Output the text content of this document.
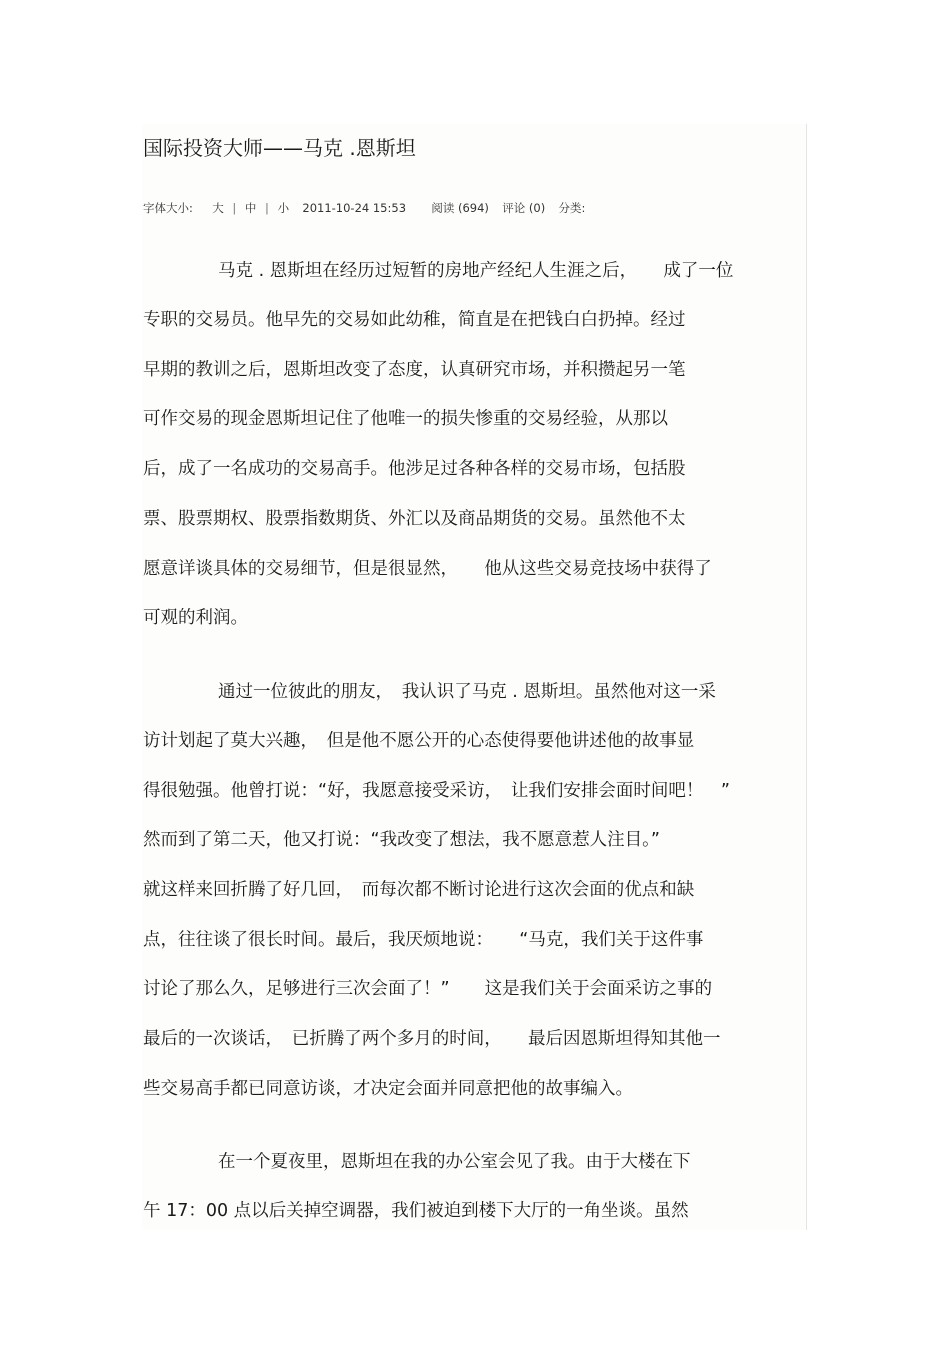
国际投资大师——马克 .恩斯坦
字体大小: 大 | 中 | 小 2011-10-24 15:53 阅读 (694) 评论 (0) 分类:
马克 . 恩斯坦在经历过短暂的房地产经纪人生涯之后，　　成了一位
专职的交易员。他早先的交易如此幼稚，简直是在把钱白白扔掉。经过
早期的教训之后，恩斯坦改变了态度，认真研究市场，并积攒起另一笔
可作交易的现金恩斯坦记住了他唯一的损失惨重的交易经验，从那以
后，成了一名成功的交易高手。他涉足过各种各样的交易市场，包括股
票、股票期权、股票指数期货、外汇以及商品期货的交易。虽然他不太
愿意详谈具体的交易细节，但是很显然，　　他从这些交易竞技场中获得了
可观的利润。
通过一位彼此的朋友，　我认识了马克 . 恩斯坦。虽然他对这一采
访计划起了莫大兴趣，　但是他不愿公开的心态使得要他讲述他的故事显
得很勉强。他曾打说：“好，我愿意接受采访，　让我们安排会面时间吧！　”
然而到了第二天，他又打说：“我改变了想法，我不愿意惹人注目。”
就这样来回折腾了好几回，　而每次都不断讨论进行这次会面的优点和缺
点，往往谈了很长时间。最后，我厌烦地说：　　“马克，我们关于这件事
讨论了那么久，足够进行三次会面了！”　　这是我们关于会面采访之事的
最后的一次谈话，　已折腾了两个多月的时间，　　最后因恩斯坦得知其他一
些交易高手都已同意访谈，才决定会面并同意把他的故事编入。
在一个夏夜里，恩斯坦在我的办公室会见了我。由于大楼在下
午 17：00 点以后关掉空调器，我们被迫到楼下大厅的一角坐谈。虽然
